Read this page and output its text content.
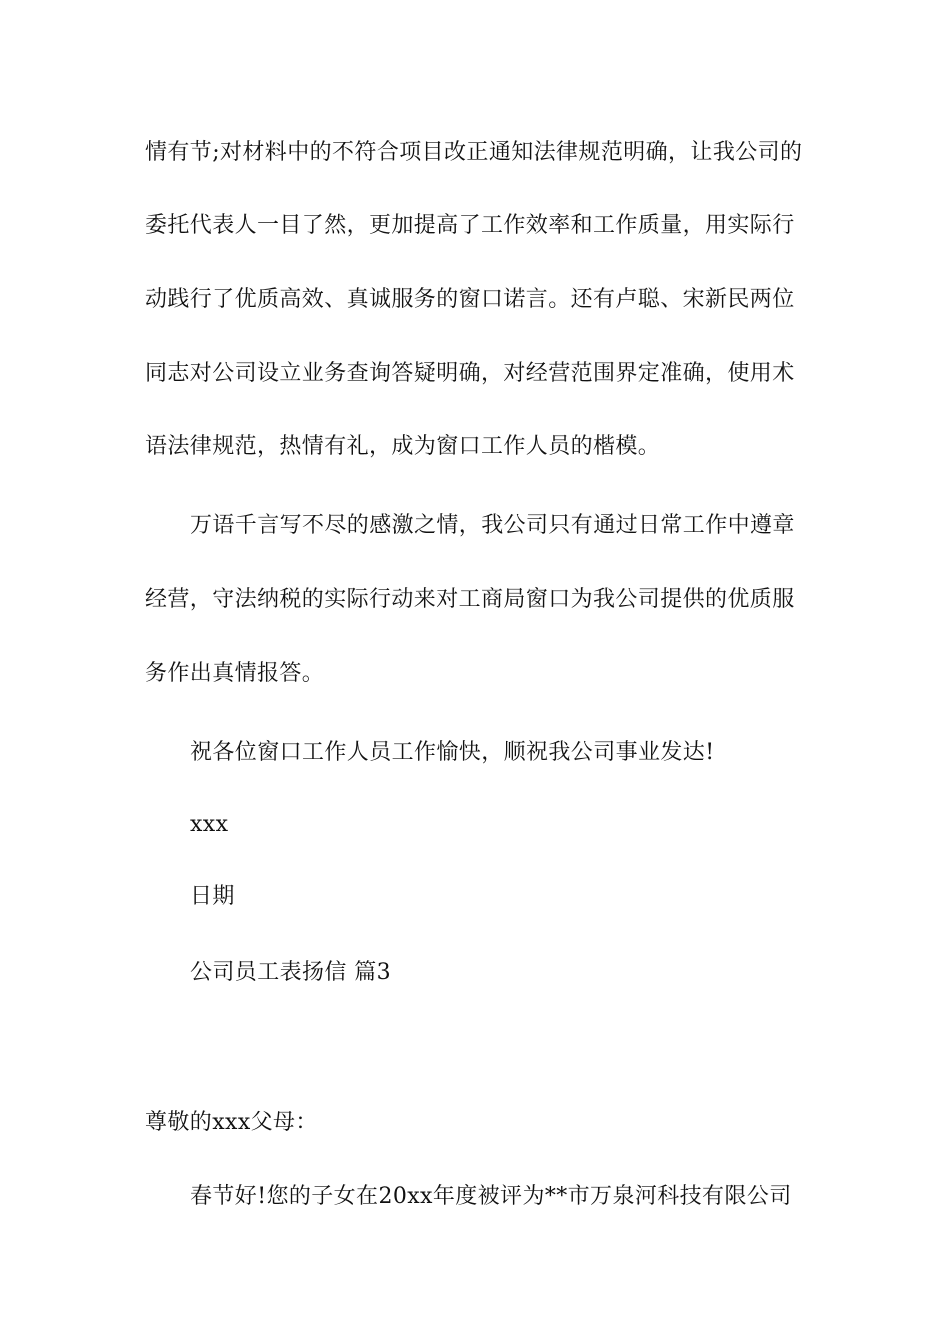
情有节;对材料中的不符合项目改正通知法律规范明确，让我公司的
委托代表人一目了然，更加提高了工作效率和工作质量，用实际行
动践行了优质高效、真诚服务的窗口诺言。还有卢聪、宋新民两位
同志对公司设立业务查询答疑明确，对经营范围界定准确，使用术
语法律规范，热情有礼，成为窗口工作人员的楷模。
万语千言写不尽的感激之情，我公司只有通过日常工作中遵章
经营，守法纳税的实际行动来对工商局窗口为我公司提供的优质服
务作出真情报答。
祝各位窗口工作人员工作愉快，顺祝我公司事业发达!
xxx
日期
公司员工表扬信 篇3
尊敬的xxx父母：
春节好!您的子女在20xx年度被评为**市万泉河科技有限公司
